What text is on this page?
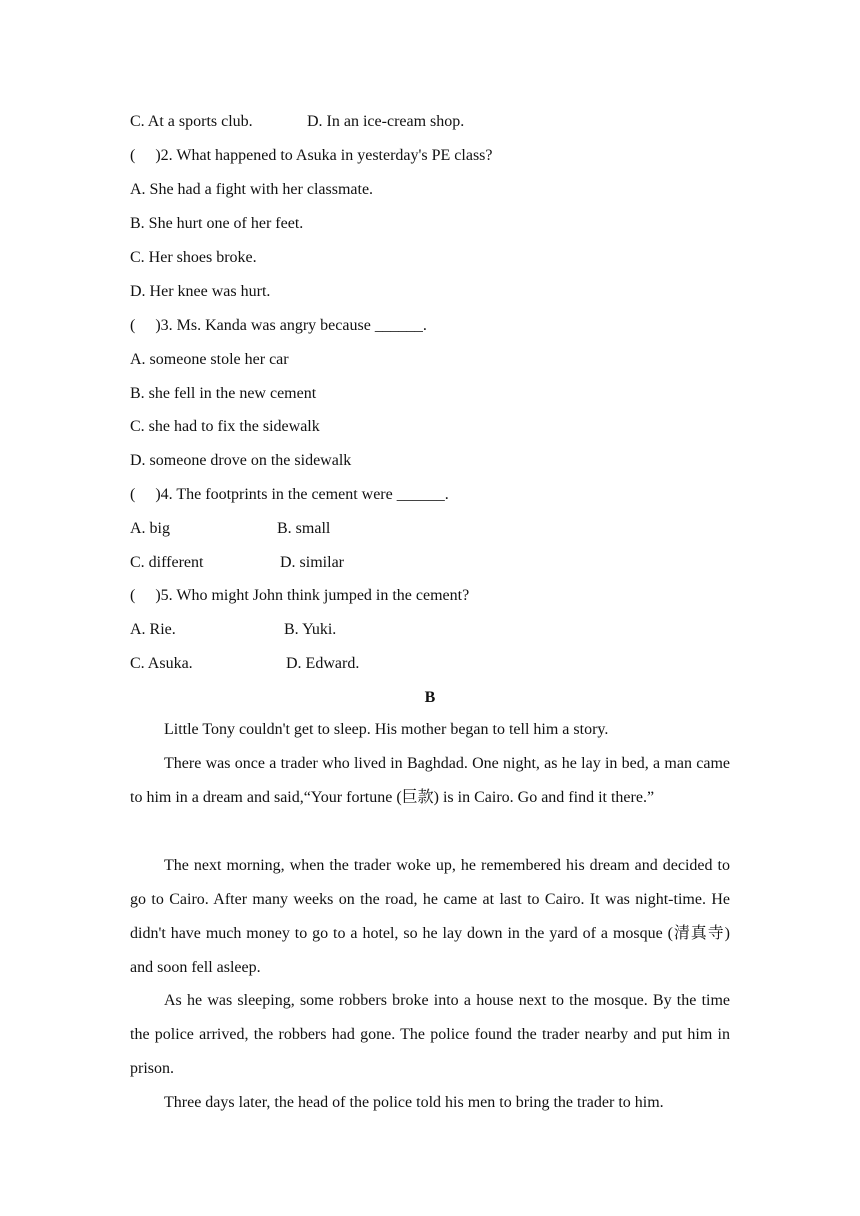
C. At a sports club.	D. In an ice-cream shop.
(     )2. What happened to Asuka in yesterday's PE class?
A. She had a fight with her classmate.
B. She hurt one of her feet.
C. Her shoes broke.
D. Her knee was hurt.
(     )3. Ms. Kanda was angry because ______.
A. someone stole her car
B. she fell in the new cement
C. she had to fix the sidewalk
D. someone drove on the sidewalk
(     )4. The footprints in the cement were ______.
A. big	B. small
C. different	D. similar
(     )5. Who might John think jumped in the cement?
A. Rie.	B. Yuki.
C. Asuka.	D. Edward.
B
Little Tony couldn't get to sleep. His mother began to tell him a story.
There was once a trader who lived in Baghdad. One night, as he lay in bed, a man came to him in a dream and said,“Your fortune (巨款) is in Cairo. Go and find it there.”
The next morning, when the trader woke up, he remembered his dream and decided to go to Cairo. After many weeks on the road, he came at last to Cairo. It was night-time. He didn't have much money to go to a hotel, so he lay down in the yard of a mosque (清真寺) and soon fell asleep.
As he was sleeping, some robbers broke into a house next to the mosque. By the time the police arrived, the robbers had gone. The police found the trader nearby and put him in prison.
Three days later, the head of the police told his men to bring the trader to him.
